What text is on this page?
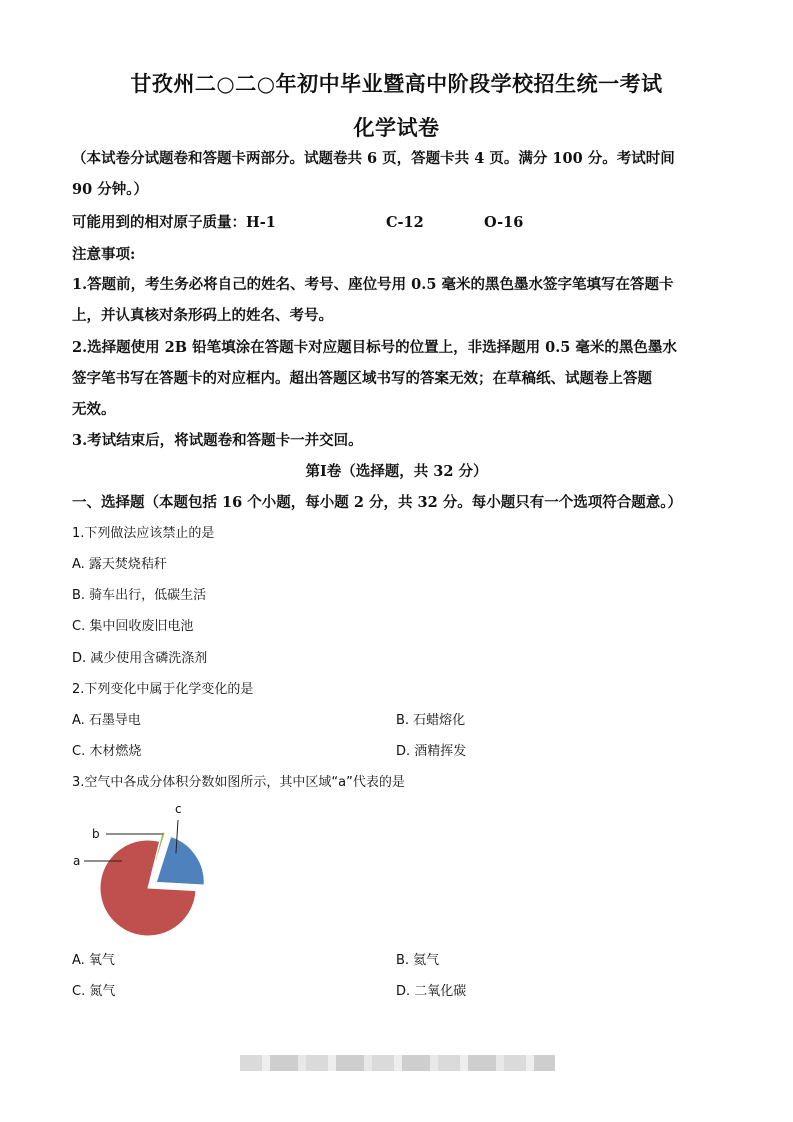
甘孜州二○二○年初中毕业暨高中阶段学校招生统一考试
化学试卷
（本试卷分试题卷和答题卡两部分。试题卷共 6 页，答题卡共 4 页。满分 100 分。考试时间
90 分钟。）
可能用到的相对原子质量：H-1	C-12	O-16
注意事项:
1.答题前，考生务必将自己的姓名、考号、座位号用 0.5 毫米的黑色墨水签字笔填写在答题卡
上，并认真核对条形码上的姓名、考号。
2.选择题使用 2B 铅笔填涂在答题卡对应题目标号的位置上，非选择题用 0.5 毫米的黑色墨水
签字笔书写在答题卡的对应框内。超出答题区域书写的答案无效；在草稿纸、试题卷上答题
无效。
3.考试结束后，将试题卷和答题卡一并交回。
第Ⅰ卷（选择题，共 32 分）
一、选择题（本题包括 16 个小题，每小题 2 分，共 32 分。每小题只有一个选项符合题意。）
1.下列做法应该禁止的是
A. 露天焚烧秸秆
B. 骑车出行，低碳生活
C. 集中回收废旧电池
D. 减少使用含磷洗涤剂
2.下列变化中属于化学变化的是
A. 石墨导电	B. 石蜡熔化
C. 木材燃烧	D. 酒精挥发
3.空气中各成分体积分数如图所示，其中区域“a”代表的是
a
b
c
A. 氧气	B. 氦气
C. 氮气	D. 二氧化碳
